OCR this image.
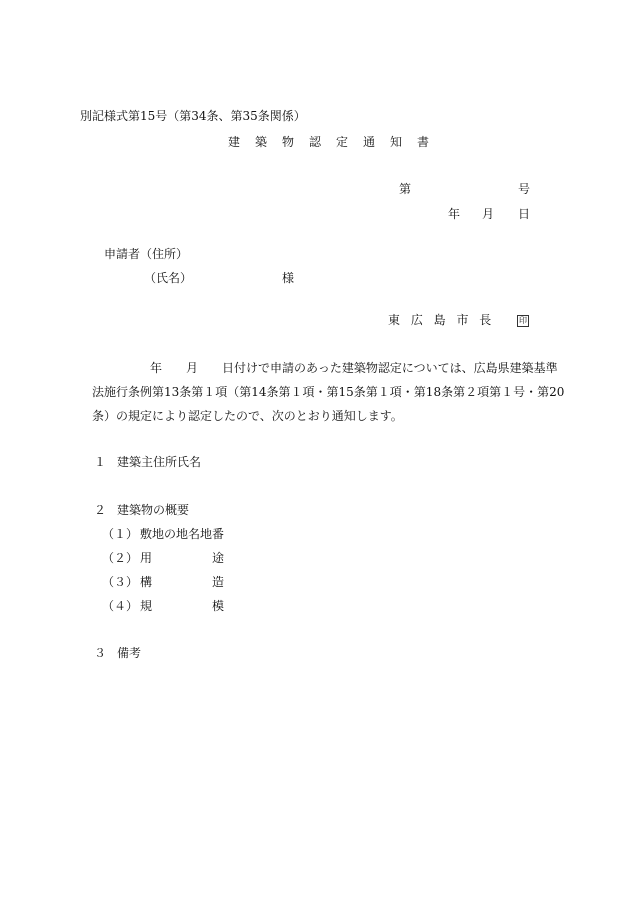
別記様式第15号（第34条、第35条関係）
建築物認定通知書
第	号
年 月 日
申請者（住所）
（氏名）	様
東 広 島 市 長	印
年 月 日付けで申請のあった建築物認定については、広島県建築基準
法施行条例第13条第１項（第14条第１項・第15条第１項・第18条第２項第１号・第20
条）の規定により認定したので、次のとおり通知します。
１ 建築主住所氏名
２ 建築物の概要
（１） 敷地の地名地番
（２） 用	途
（３） 構	造
（４） 規	模
３ 備考
